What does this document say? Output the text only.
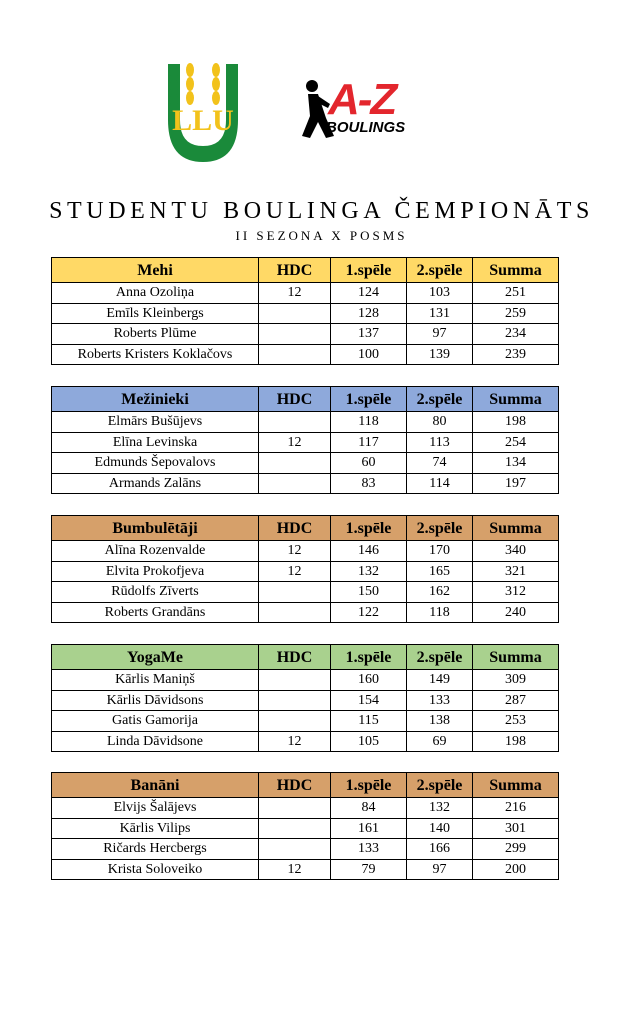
LLU A-Z
BOULINGS
STUDENTU BOULINGA ČEMPIONĀTS
II SEZONA X POSMS
Mehi	HDC	1.spēle	2.spēle	Summa
Anna Ozoliņa	12	124	103	251
Emīls Kleinbergs		128	131	259
Roberts Plūme		137	97	234
Roberts Kristers Koklačovs		100	139	239
Mežinieki	HDC	1.spēle	2.spēle	Summa
Elmārs Bušūjevs		118	80	198
Elīna Levinska	12	117	113	254
Edmunds Šepovalovs		60	74	134
Armands Zalāns		83	114	197
Bumbulētāji	HDC	1.spēle	2.spēle	Summa
Alīna Rozenvalde	12	146	170	340
Elvita Prokofjeva	12	132	165	321
Rūdolfs Zīverts		150	162	312
Roberts Grandāns		122	118	240
YogaMe	HDC	1.spēle	2.spēle	Summa
Kārlis Maniņš		160	149	309
Kārlis Dāvidsons		154	133	287
Gatis Gamorija		115	138	253
Linda Dāvidsone	12	105	69	198
Banāni	HDC	1.spēle	2.spēle	Summa
Elvijs Šalājevs		84	132	216
Kārlis Vilips		161	140	301
Ričards Hercbergs		133	166	299
Krista Soloveiko	12	79	97	200
